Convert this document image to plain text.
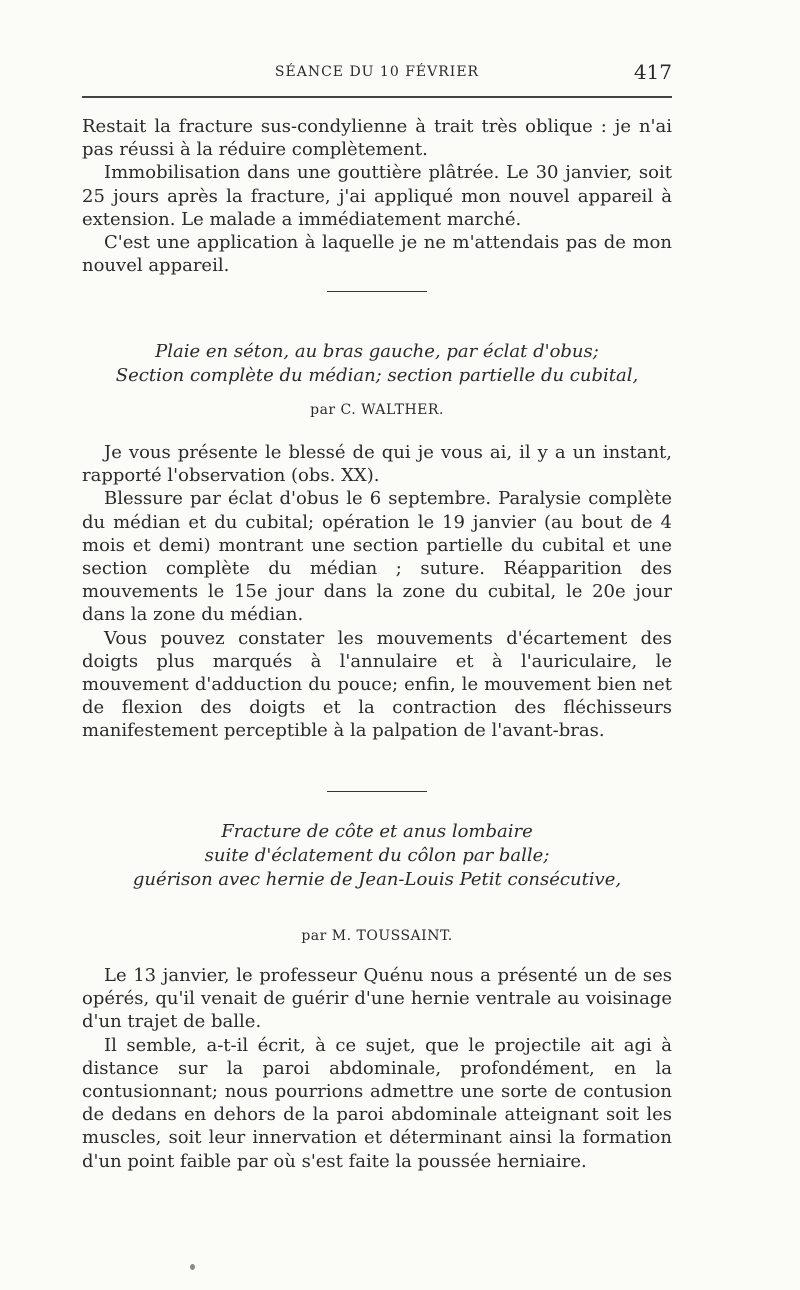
SÉANCE DU 10 FÉVRIER	417

Restait la fracture sus-condylienne à trait très oblique : je n'ai pas réussi à la réduire complètement.

Immobilisation dans une gouttière plâtrée. Le 30 janvier, soit 25 jours après la fracture, j'ai appliqué mon nouvel appareil à extension. Le malade a immédiatement marché.

C'est une application à laquelle je ne m'attendais pas de mon nouvel appareil.

Plaie en séton, au bras gauche, par éclat d'obus;
Section complète du médian; section partielle du cubital,
par C. WALTHER.

Je vous présente le blessé de qui je vous ai, il y a un instant, rapporté l'observation (obs. XX).

Blessure par éclat d'obus le 6 septembre. Paralysie complète du médian et du cubital; opération le 19 janvier (au bout de 4 mois et demi) montrant une section partielle du cubital et une section complète du médian ; suture. Réapparition des mouvements le 15e jour dans la zone du cubital, le 20e jour dans la zone du médian.

Vous pouvez constater les mouvements d'écartement des doigts plus marqués à l'annulaire et à l'auriculaire, le mouvement d'adduction du pouce; enfin, le mouvement bien net de flexion des doigts et la contraction des fléchisseurs manifestement perceptible à la palpation de l'avant-bras.

Fracture de côte et anus lombaire
suite d'éclatement du côlon par balle;
guérison avec hernie de Jean-Louis Petit consécutive,
par M. TOUSSAINT.

Le 13 janvier, le professeur Quénu nous a présenté un de ses opérés, qu'il venait de guérir d'une hernie ventrale au voisinage d'un trajet de balle.

Il semble, a-t-il écrit, à ce sujet, que le projectile ait agi à distance sur la paroi abdominale, profondément, en la contusionnant; nous pourrions admettre une sorte de contusion de dedans en dehors de la paroi abdominale atteignant soit les muscles, soit leur innervation et déterminant ainsi la formation d'un point faible par où s'est faite la poussée herniaire.
